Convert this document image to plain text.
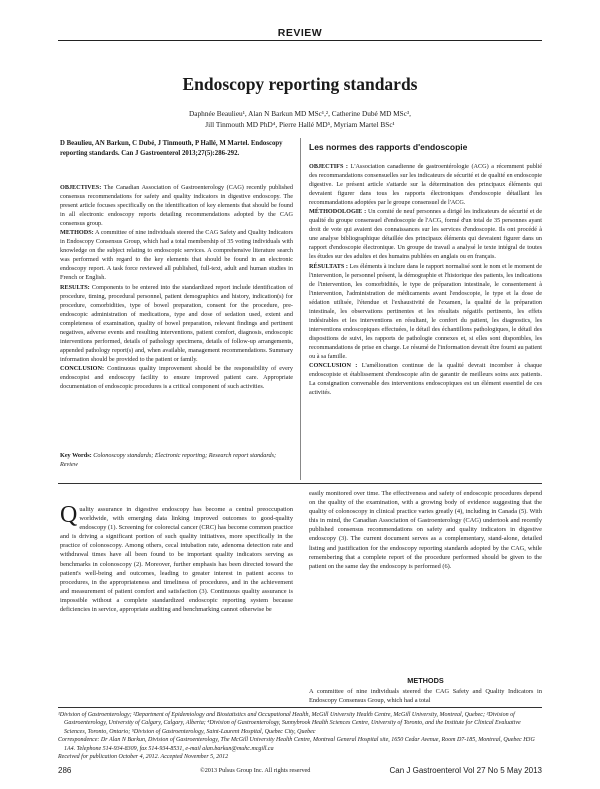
REVIEW
Endoscopy reporting standards
Daphnée Beaulieu¹, Alan N Barkun MD MSc¹,², Catherine Dubé MD MSc³,
Jill Tinmouth MD PhD⁴, Pierre Hallé MD⁵, Myriam Martel BSc¹
D Beaulieu, AN Barkun, C Dubé, J Tinmouth, P Hallé, M Martel. Endoscopy reporting standards. Can J Gastroenterol 2013;27(5):286-292.

OBJECTIVES: The Canadian Association of Gastroenterology (CAG) recently published consensus recommendations for safety and quality indicators in digestive endoscopy. The present article focuses specifically on the identification of key elements that should be found in all electronic endoscopy reports detailing recommendations adopted by the CAG consensus group.

METHODS: A committee of nine individuals steered the CAG Safety and Quality Indicators in Endoscopy Consensus Group, which had a total membership of 35 voting individuals with knowledge on the subject relating to endoscopic services. A comprehensive literature search was performed with regard to the key elements that should be found in an electronic endoscopy report. A task force reviewed all published, full-text, adult and human studies in French or English.

RESULTS: Components to be entered into the standardized report include identification of procedure, timing, procedural personnel, patient demographics and history, indication(s) for procedure, comorbidities, type of bowel preparation, consent for the procedure, pre-endoscopic administration of medications, type and dose of sedation used, extent and completeness of examination, quality of bowel preparation, relevant findings and pertinent negatives, adverse events and resulting interventions, patient comfort, diagnosis, endoscopic interventions performed, details of pathology specimens, details of follow-up arrangements, appended pathology report(s) and, when available, management recommendations. Summary information should be provided to the patient or family.

CONCLUSION: Continuous quality improvement should be the responsibility of every endoscopist and endoscopy facility to ensure improved patient care. Appropriate documentation of endoscopic procedures is a critical component of such activities.

Key Words: Colonoscopy standards; Electronic reporting; Research report standards; Review
Les normes des rapports d'endoscopie

OBJECTIFS : L'Association canadienne de gastroentérologie (ACG) a récemment publié des recommandations consensuelles sur les indicateurs de sécurité et de qualité en endoscopie digestive. Le présent article s'attarde sur la détermination des principaux éléments qui devraient figurer dans tous les rapports électroniques d'endoscopie détaillant les recommandations adoptées par le groupe consensuel de l'ACG.

MÉTHODOLOGIE : Un comité de neuf personnes a dirigé les indicateurs de sécurité et de qualité du groupe consensuel d'endoscopie de l'ACG, formé d'un total de 35 personnes ayant droit de vote qui avaient des connaissances sur les services d'endoscopie. Ils ont procédé à une analyse bibliographique détaillée des principaux éléments qui devraient figurer dans un rapport d'endoscopie électronique. Un groupe de travail a analysé le texte intégral de toutes les études sur des adultes et des humains publiées en anglais ou en français.

RÉSULTATS : Les éléments à inclure dans le rapport normalisé sont le nom et le moment de l'intervention, le personnel présent, la démographie et l'historique des patients, les indications de l'intervention, les comorbidités, le type de préparation intestinale, le consentement à l'intervention, l'administration de médicaments avant l'endoscopie, le type et la dose de sédation utilisée, l'étendue et l'exhaustivité de l'examen, la qualité de la préparation intestinale, les observations pertinentes et les résultats négatifs pertinents, les effets indésirables et les interventions en résultant, le confort du patient, les diagnostics, les interventions endoscopiques effectuées, le détail des échantillons pathologiques, le détail des dispositions de suivi, les rapports de pathologie connexes et, si elles sont disponibles, les recommandations de prise en charge. Le résumé de l'information devrait être fourni au patient ou à sa famille.

CONCLUSION : L'amélioration continue de la qualité devrait incomber à chaque endoscopiste et établissement d'endoscopie afin de garantir de meilleurs soins aux patients. La consignation convenable des interventions endoscopiques est un élément essentiel de ces activités.

Quality assurance in digestive endoscopy has become a central preoccupation worldwide, with emerging data linking improved outcomes to good-quality endoscopy (1). Screening for colorectal cancer (CRC) has become common practice and is driving a significant portion of such quality initiatives, more specifically in the practice of colonoscopy. Among others, cecal intubation rate, adenoma detection rate and withdrawal times have all been found to be important quality indicators serving as benchmarks in colonoscopy (2). Moreover, further emphasis has been directed toward the patient's well-being and outcomes, leading to greater interest in patient access to procedures, in the appropriateness and timeliness of procedures, and in the achievement and measurement of patient comfort and satisfaction (3). Continuous quality assurance is impossible without a complete standardized endoscopic reporting system because deficiencies in service, appropriate auditing and benchmarking cannot otherwise be
easily monitored over time. The effectiveness and safety of endoscopic procedures depend on the quality of the examination, with a growing body of evidence suggesting that the quality of colonoscopy in clinical practice varies greatly (4), including in Canada (5). With this in mind, the Canadian Association of Gastroenterology (CAG) undertook and recently published consensus recommendations on safety and quality indicators in digestive endoscopy (3). The current document serves as a complementary, stand-alone, detailed listing and justification for the endoscopy reporting standards adopted by the CAG, while remembering that a complete report of the procedure performed should be given to the patient on the same day the endoscopy is performed (6).
METHODS
A committee of nine individuals steered the CAG Safety and Quality Indicators in Endoscopy Consensus Group, which had a total

¹Division of Gastroenterology; ²Department of Epidemiology and Biostatistics and Occupational Health, McGill University Health Centre, McGill University, Montreal, Quebec; ³Division of Gastroenterology, University of Calgary, Calgary, Alberta; ⁴Division of Gastroenterology, Sunnybrook Health Sciences Centre, University of Toronto, and the Institute for Clinical Evaluative Sciences, Toronto, Ontario; ⁵Division of Gastroenterology, Saint-Laurent Hospital, Quebec City, Quebec

Correspondence: Dr Alan N Barkun, Division of Gastroenterology, The McGill University Health Centre, Montreal General Hospital site, 1650 Cedar Avenue, Room D7-185, Montreal, Quebec H3G 1A4. Telephone 514-934-8309, fax 514-934-8531, e-mail alan.barkun@muhc.mcgill.ca

Received for publication October 4, 2012. Accepted November 5, 2012

286	©2013 Pulsus Group Inc. All rights reserved	Can J Gastroenterol Vol 27 No 5 May 2013
